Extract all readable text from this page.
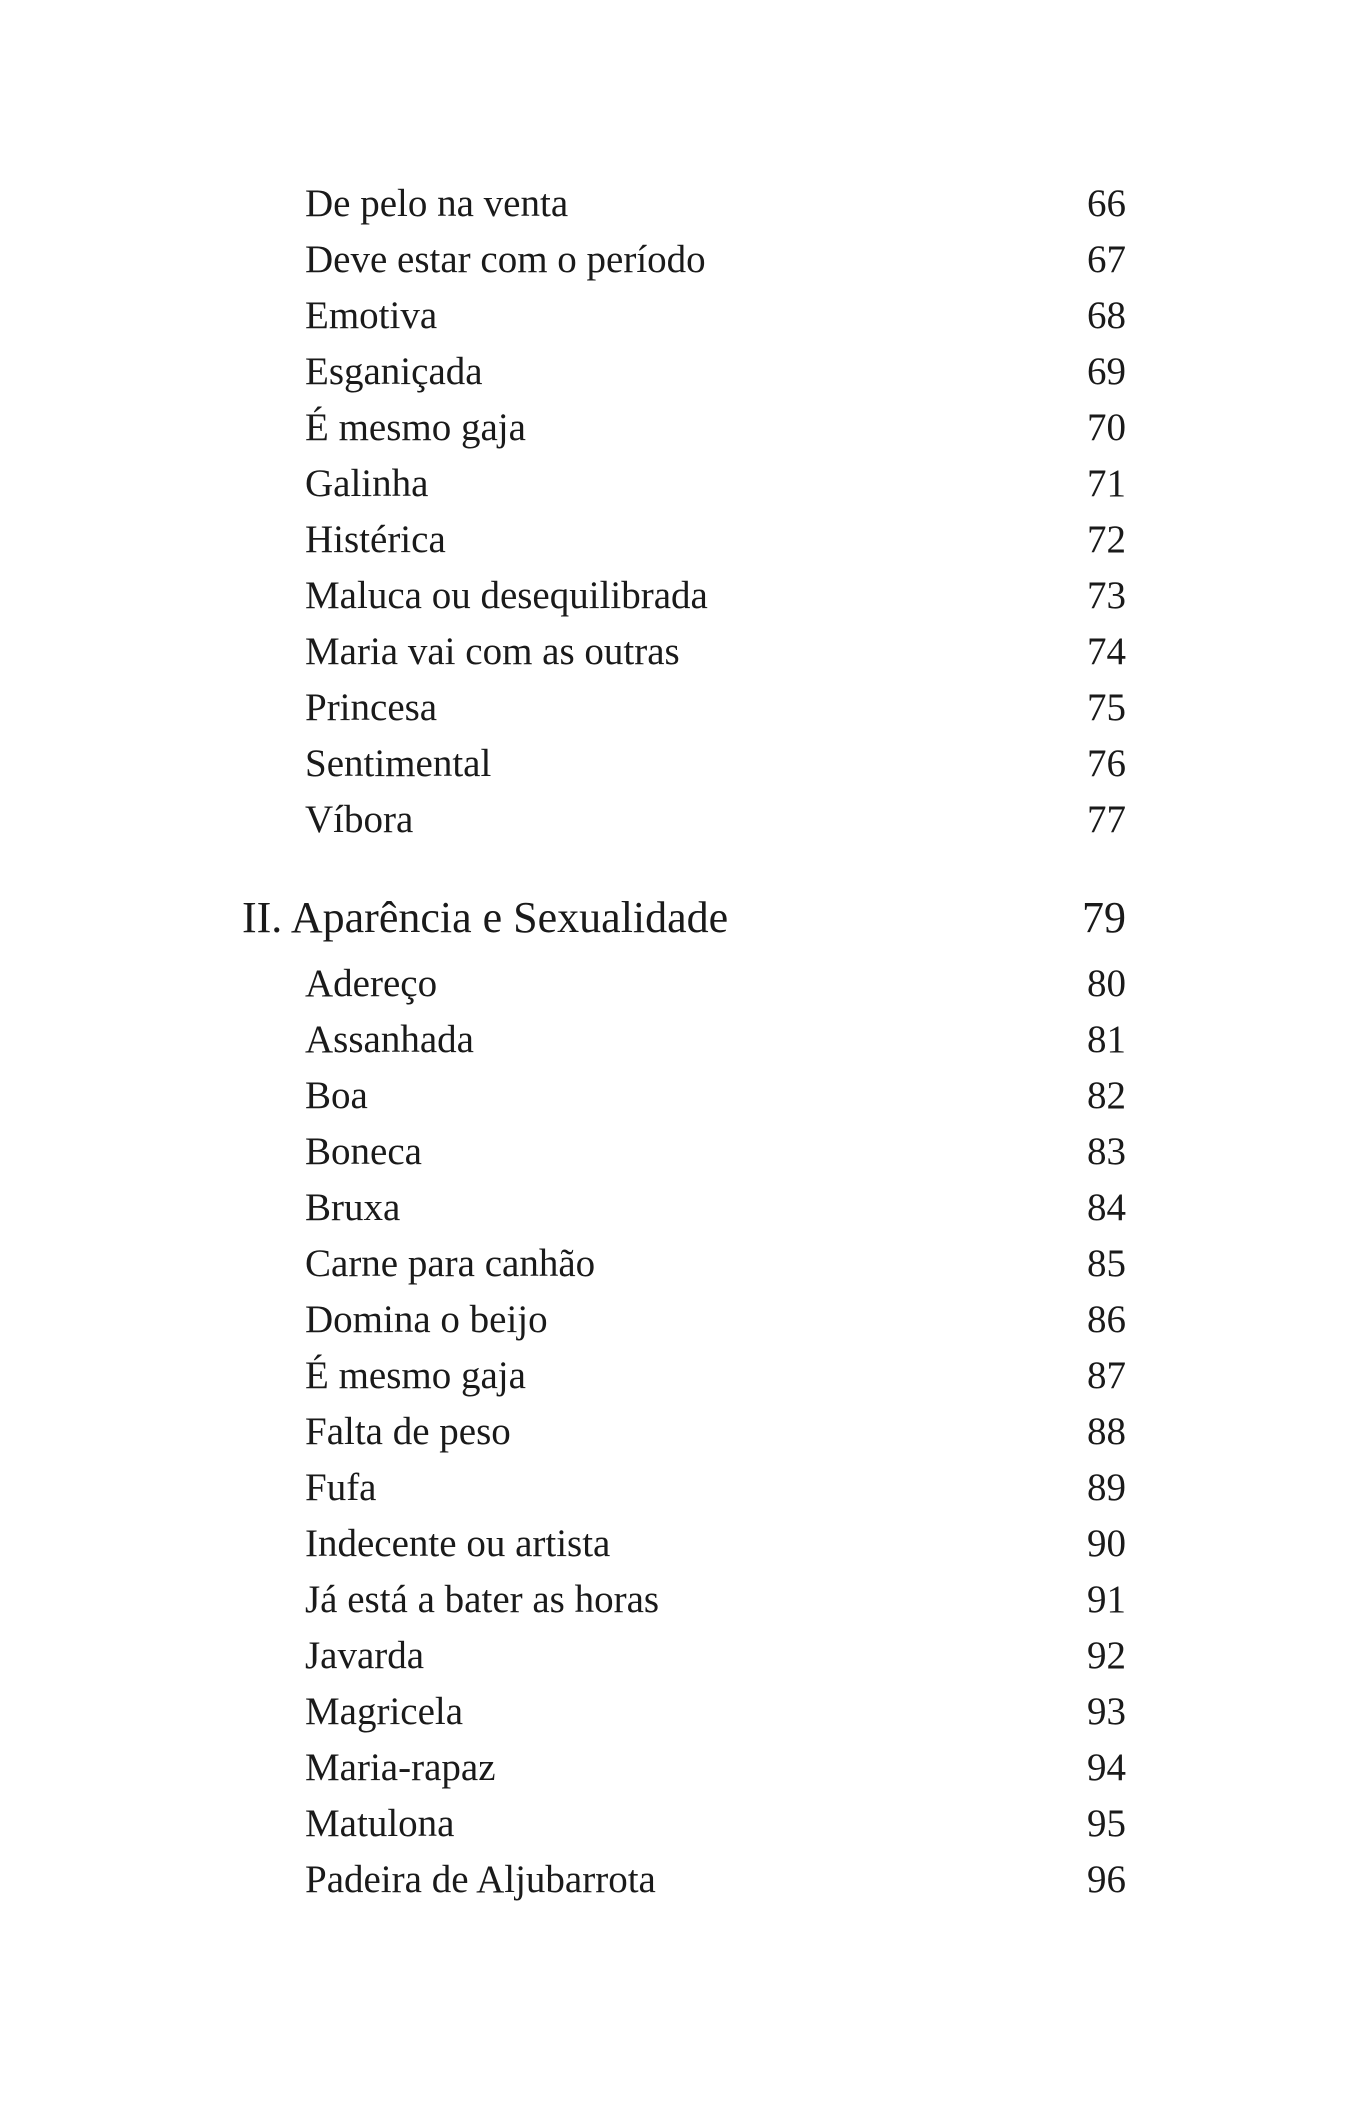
De pelo na venta	66
Deve estar com o período	67
Emotiva	68
Esganiçada	69
É mesmo gaja	70
Galinha	71
Histérica	72
Maluca ou desequilibrada	73
Maria vai com as outras	74
Princesa	75
Sentimental	76
Víbora	77
II. Aparência e Sexualidade	79
Adereço	80
Assanhada	81
Boa	82
Boneca	83
Bruxa	84
Carne para canhão	85
Domina o beijo	86
É mesmo gaja	87
Falta de peso	88
Fufa	89
Indecente ou artista	90
Já está a bater as horas	91
Javarda	92
Magricela	93
Maria-rapaz	94
Matulona	95
Padeira de Aljubarrota	96
